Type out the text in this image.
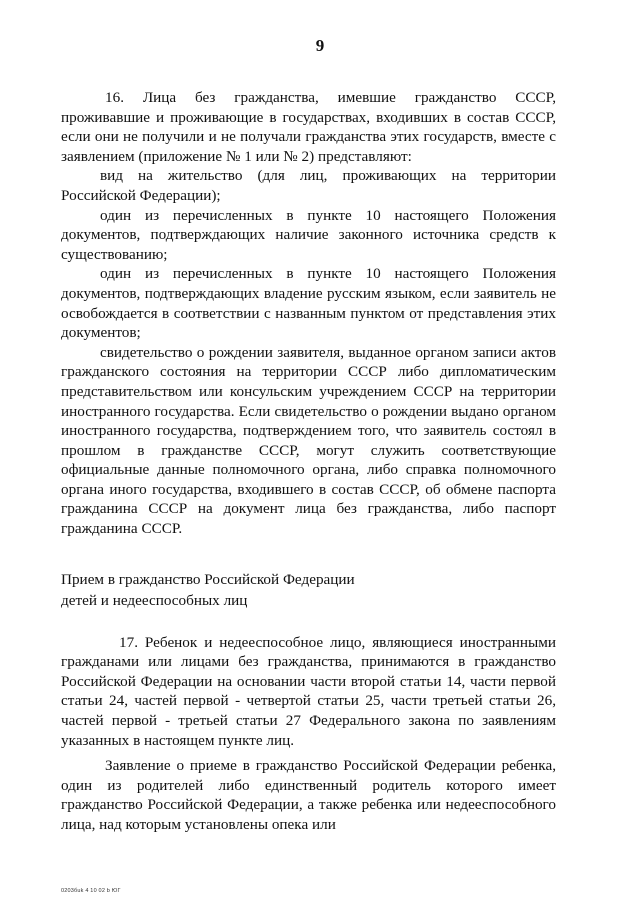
9

16. Лица без гражданства, имевшие гражданство СССР, проживавшие и проживающие в государствах, входивших в состав СССР, если они не получили и не получали гражданства этих государств, вместе с заявлением (приложение № 1 или № 2) представляют:

вид на жительство (для лиц, проживающих на территории Российской Федерации);

один из перечисленных в пункте 10 настоящего Положения документов, подтверждающих наличие законного источника средств к существованию;

один из перечисленных в пункте 10 настоящего Положения документов, подтверждающих владение русским языком, если заявитель не освобождается в соответствии с названным пунктом от представления этих документов;

свидетельство о рождении заявителя, выданное органом записи актов гражданского состояния на территории СССР либо дипломатическим представительством или консульским учреждением СССР на территории иностранного государства. Если свидетельство о рождении выдано органом иностранного государства, подтверждением того, что заявитель состоял в прошлом в гражданстве СССР, могут служить соответствующие официальные данные полномочного органа, либо справка полномочного органа иного государства, входившего в состав СССР, об обмене паспорта гражданина СССР на документ лица без гражданства, либо паспорт гражданина СССР.

Прием в гражданство Российской Федерации
детей и недееспособных лиц

17. Ребенок и недееспособное лицо, являющиеся иностранными гражданами или лицами без гражданства, принимаются в гражданство Российской Федерации на основании части второй статьи 14, части первой статьи 24, частей первой - четвертой статьи 25, части третьей статьи 26, частей первой - третьей статьи 27 Федерального закона по заявлениям указанных в настоящем пункте лиц.

Заявление о приеме в гражданство Российской Федерации ребенка, один из родителей либо единственный родитель которого имеет гражданство Российской Федерации, а также ребенка или недееспособного лица, над которым установлены опека или

0203бuk 4 10 02 b ЮГ
